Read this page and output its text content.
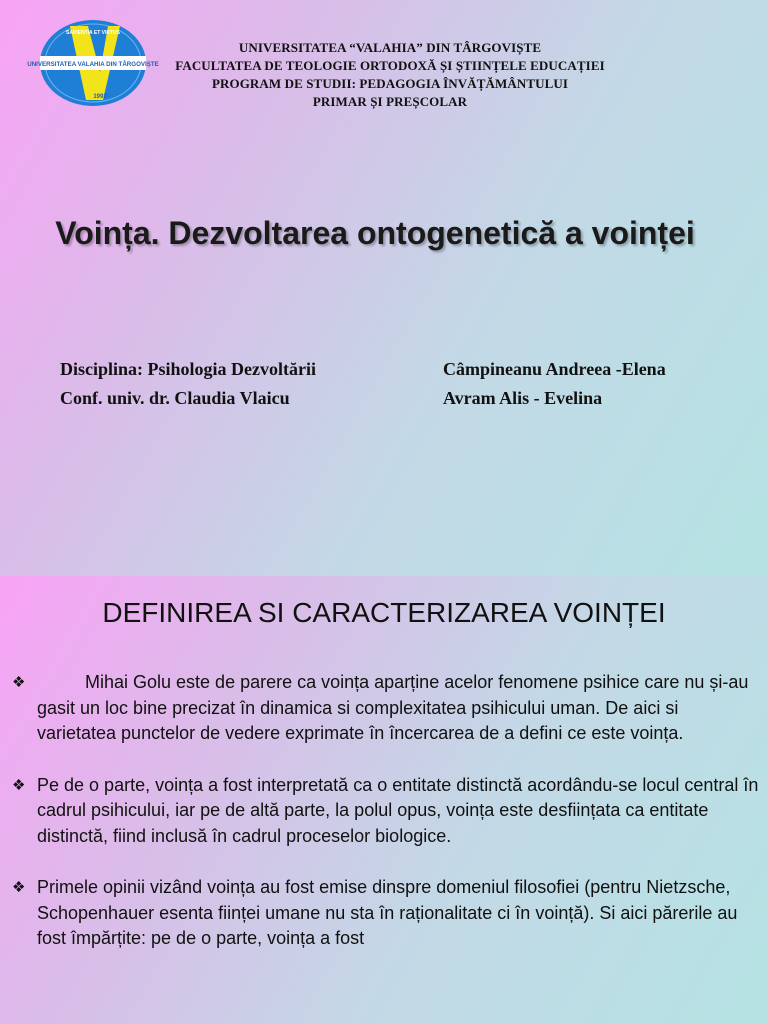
UNIVERSITATEA VALAHIA DIN TÂRGOVIȘTE
SAPIENTIA ET VIRTUS
1992
UNIVERSITATEA “VALAHIA” DIN TÂRGOVIȘTE
FACULTATEA DE TEOLOGIE ORTODOXĂ ȘI ȘTIINȚELE EDUCAȚIEI
PROGRAM DE STUDII: PEDAGOGIA ÎNVĂȚĂMÂNTULUI
PRIMAR ȘI PREȘCOLAR
Voința. Dezvoltarea ontogenetică a voinței
Disciplina: Psihologia Dezvoltării
Conf. univ. dr. Claudia Vlaicu
Câmpineanu Andreea -Elena
Avram Alis - Evelina
DEFINIREA SI CARACTERIZAREA VOINȚEI
❖	Mihai Golu este de parere ca voința aparține acelor fenomene psihice care nu și-au gasit un loc bine precizat în dinamica si complexitatea psihicului uman. De aici si varietatea punctelor de vedere exprimate în încercarea de a defini ce este voința.
❖ Pe de o parte, voința a fost interpretată ca o entitate distinctă acordându-se locul central în cadrul psihicului, iar pe de altă parte, la polul opus, voința este desființata ca entitate distinctă, fiind inclusă în cadrul proceselor biologice.
❖ Primele opinii vizând voința au fost emise dinspre domeniul filosofiei (pentru Nietzsche, Schopenhauer esenta ființei umane nu sta în raționalitate ci în voință). Si aici părerile au fost împărțite: pe de o parte, voința a fost
